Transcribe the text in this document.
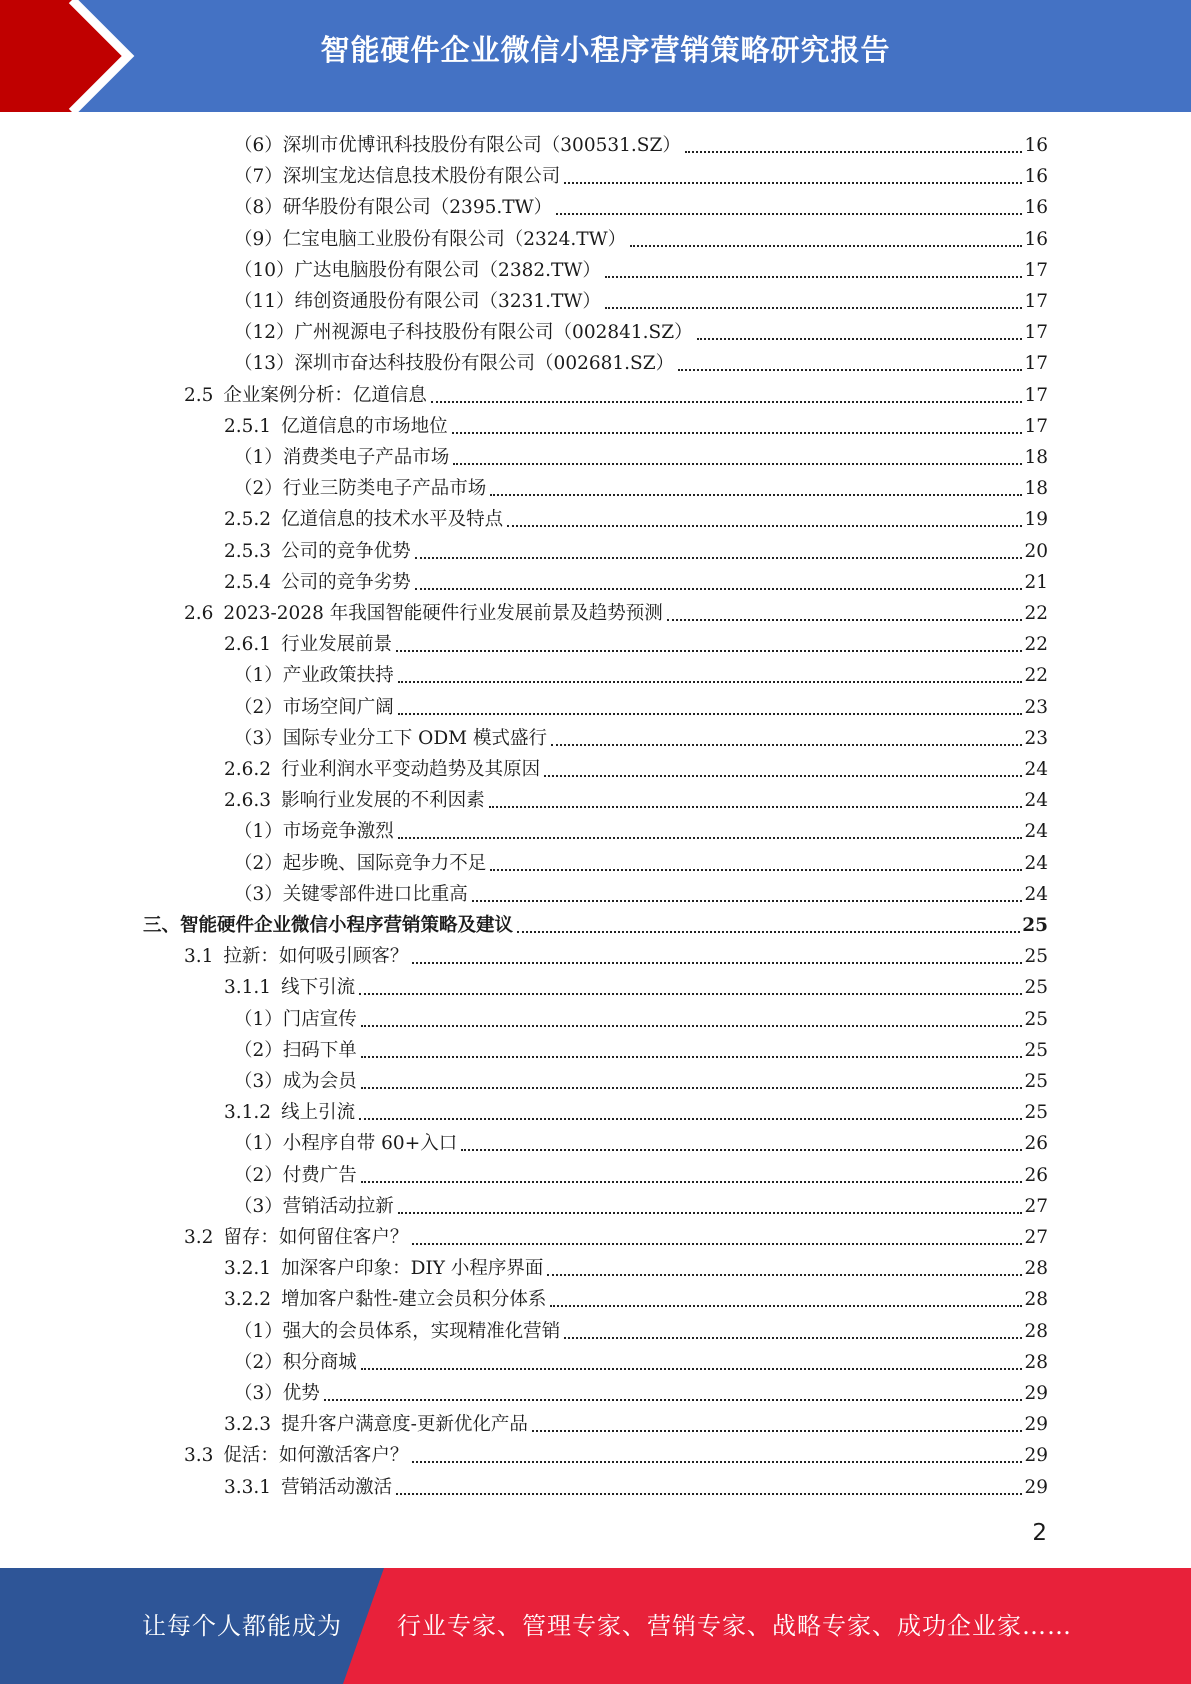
智能硬件企业微信小程序营销策略研究报告
（6） 深圳市优博讯科技股份有限公司（300531.SZ）	16
（7） 深圳宝龙达信息技术股份有限公司	16
（8） 研华股份有限公司（2395.TW）	16
（9） 仁宝电脑工业股份有限公司（2324.TW）	16
（10） 广达电脑股份有限公司（2382.TW）	17
（11） 纬创资通股份有限公司（3231.TW）	17
（12） 广州视源电子科技股份有限公司（002841.SZ）	17
（13） 深圳市奋达科技股份有限公司（002681.SZ）	17
2.5 企业案例分析：亿道信息	17
2.5.1 亿道信息的市场地位	17
（1） 消费类电子产品市场	18
（2） 行业三防类电子产品市场	18
2.5.2 亿道信息的技术水平及特点	19
2.5.3 公司的竞争优势	20
2.5.4 公司的竞争劣势	21
2.6 2023-2028 年我国智能硬件行业发展前景及趋势预测	22
2.6.1 行业发展前景	22
（1） 产业政策扶持	22
（2） 市场空间广阔	23
（3） 国际专业分工下 ODM 模式盛行	23
2.6.2 行业利润水平变动趋势及其原因	24
2.6.3 影响行业发展的不利因素	24
（1） 市场竞争激烈	24
（2） 起步晚、国际竞争力不足	24
（3） 关键零部件进口比重高	24
三、 智能硬件企业微信小程序营销策略及建议	25
3.1 拉新：如何吸引顾客？	25
3.1.1 线下引流	25
（1） 门店宣传	25
（2） 扫码下单	25
（3） 成为会员	25
3.1.2 线上引流	25
（1） 小程序自带 60+入口	26
（2） 付费广告	26
（3） 营销活动拉新	27
3.2 留存：如何留住客户？	27
3.2.1 加深客户印象：DIY 小程序界面	28
3.2.2 增加客户黏性-建立会员积分体系	28
（1） 强大的会员体系，实现精准化营销	28
（2） 积分商城	28
（3） 优势	29
3.2.3 提升客户满意度-更新优化产品	29
3.3 促活：如何激活客户？	29
3.3.1 营销活动激活	29
2
让每个人都能成为 行业专家、管理专家、营销专家、战略专家、成功企业家……
